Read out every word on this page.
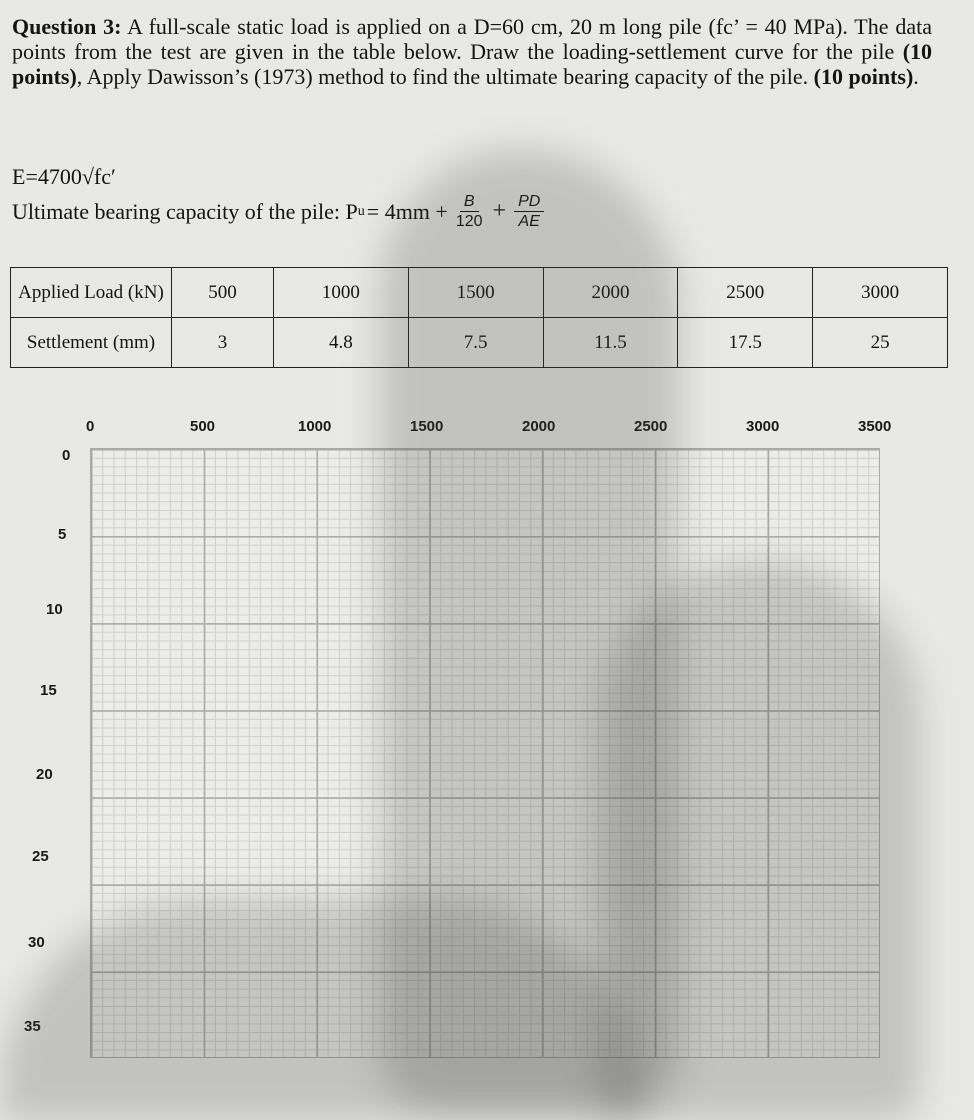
Question 3: A full-scale static load is applied on a D=60 cm, 20 m long pile (fc’ = 40 MPa). The data points from the test are given in the table below. Draw the loading-settlement curve for the pile (10 points), Apply Dawisson’s (1973) method to find the ultimate bearing capacity of the pile. (10 points).
E=4700√fc′
Ultimate bearing capacity of the pile: P $u = 4mm + \frac{B}{120} + \frac{PD}{AE}$
Applied Load (kN)	500	1000	1500	2000	2500	3000
Settlement (mm)	3	4.8	7.5	11.5	17.5	25
0	500	1000	1500	2000	2500	3000	3500
0
5
10
15
20
25
30
35
